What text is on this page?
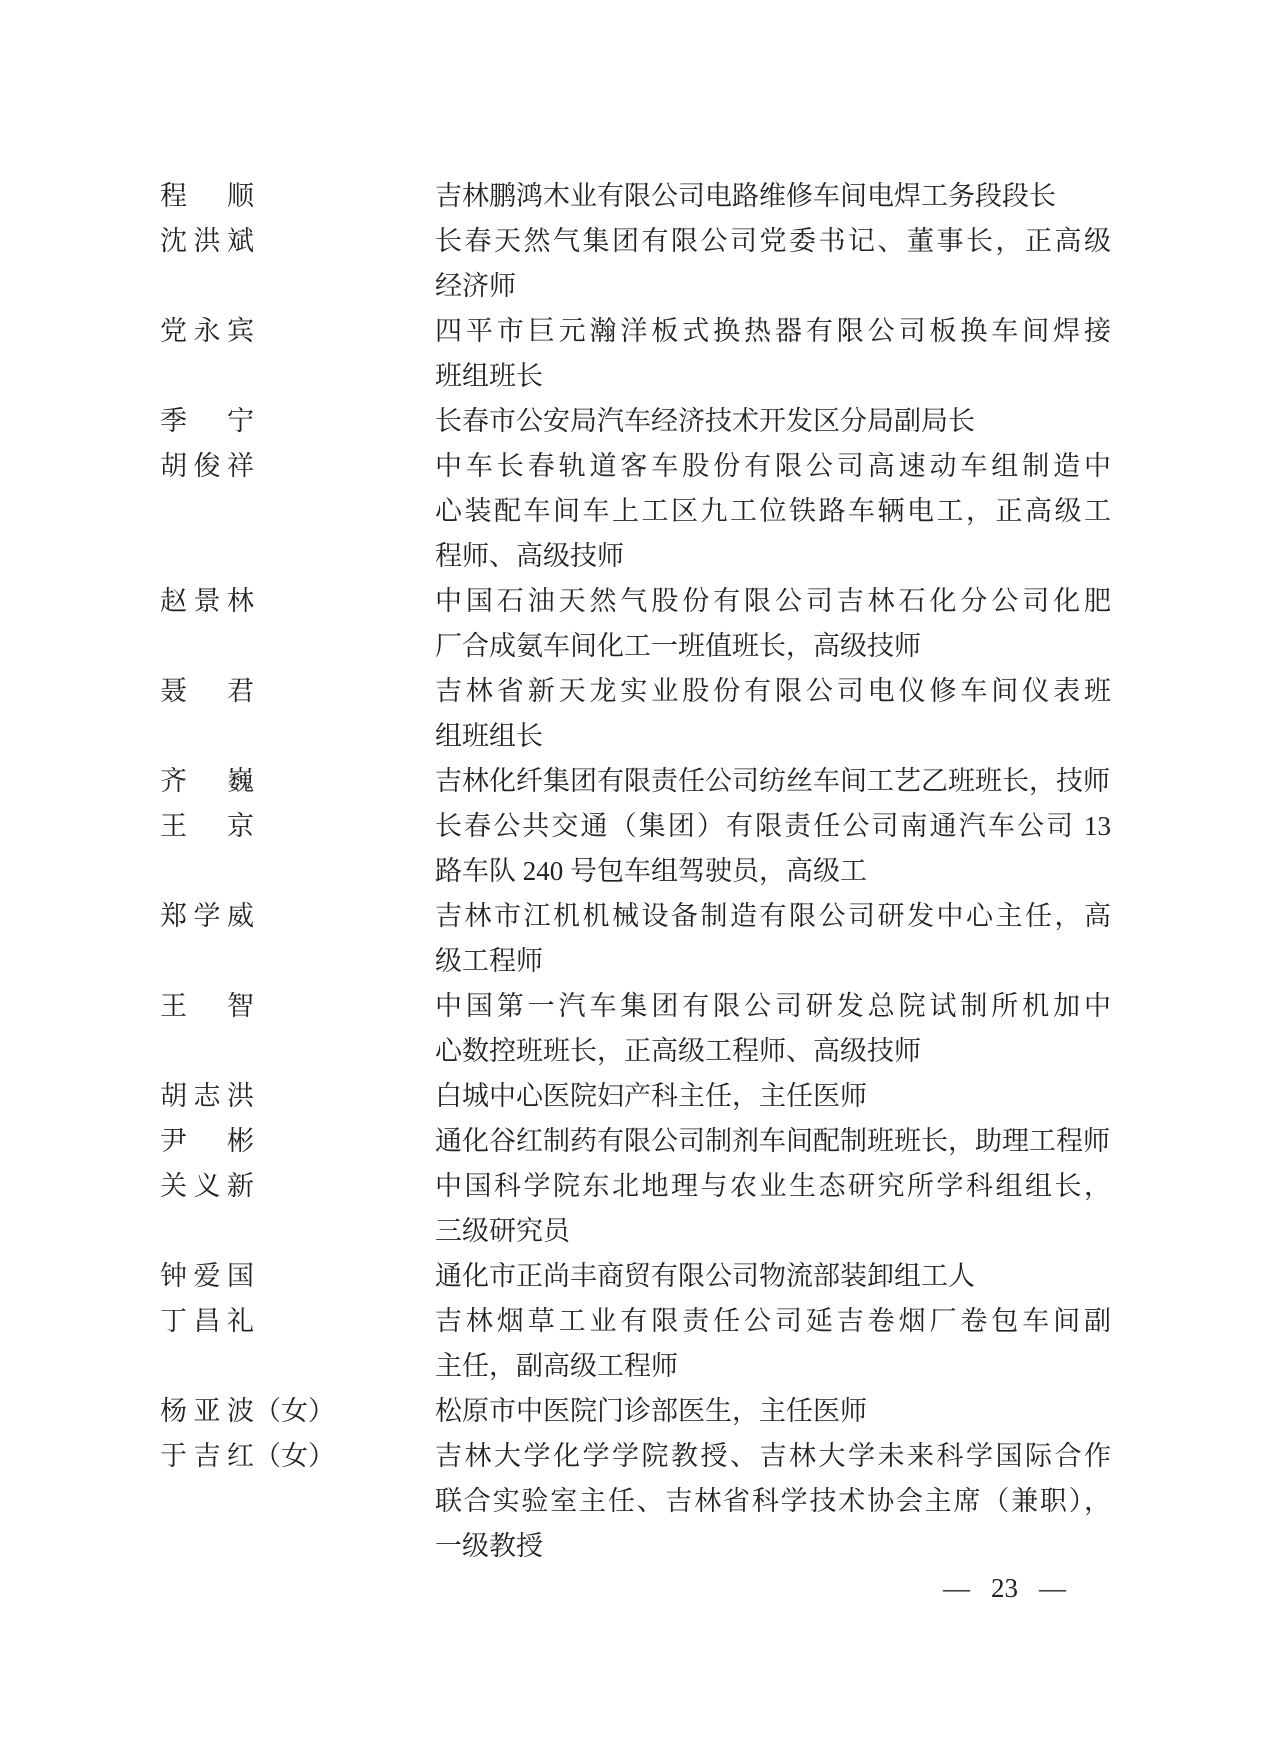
程　顺	吉林鹏鸿木业有限公司电路维修车间电焊工务段段长
沈洪斌	长春天然气集团有限公司党委书记、董事长，正高级
经济师
党永宾	四平市巨元瀚洋板式换热器有限公司板换车间焊接
班组班长
季　宁	长春市公安局汽车经济技术开发区分局副局长
胡俊祥	中车长春轨道客车股份有限公司高速动车组制造中
心装配车间车上工区九工位铁路车辆电工，正高级工
程师、高级技师
赵景林	中国石油天然气股份有限公司吉林石化分公司化肥
厂合成氨车间化工一班值班长，高级技师
聂　君	吉林省新天龙实业股份有限公司电仪修车间仪表班
组班组长
齐　巍	吉林化纤集团有限责任公司纺丝车间工艺乙班班长，技师
王　京	长春公共交通（集团）有限责任公司南通汽车公司 13
路车队 240 号包车组驾驶员，高级工
郑学威	吉林市江机机械设备制造有限公司研发中心主任，高
级工程师
王　智	中国第一汽车集团有限公司研发总院试制所机加中
心数控班班长，正高级工程师、高级技师
胡志洪	白城中心医院妇产科主任，主任医师
尹　彬	通化谷红制药有限公司制剂车间配制班班长，助理工程师
关义新	中国科学院东北地理与农业生态研究所学科组组长，
三级研究员
钟爱国	通化市正尚丰商贸有限公司物流部装卸组工人
丁昌礼	吉林烟草工业有限责任公司延吉卷烟厂卷包车间副
主任，副高级工程师
杨亚波 （女）	松原市中医院门诊部医生，主任医师
于吉红 （女）	吉林大学化学学院教授、吉林大学未来科学国际合作
联合实验室主任、吉林省科学技术协会主席（兼职），
一级教授
— 23 —
